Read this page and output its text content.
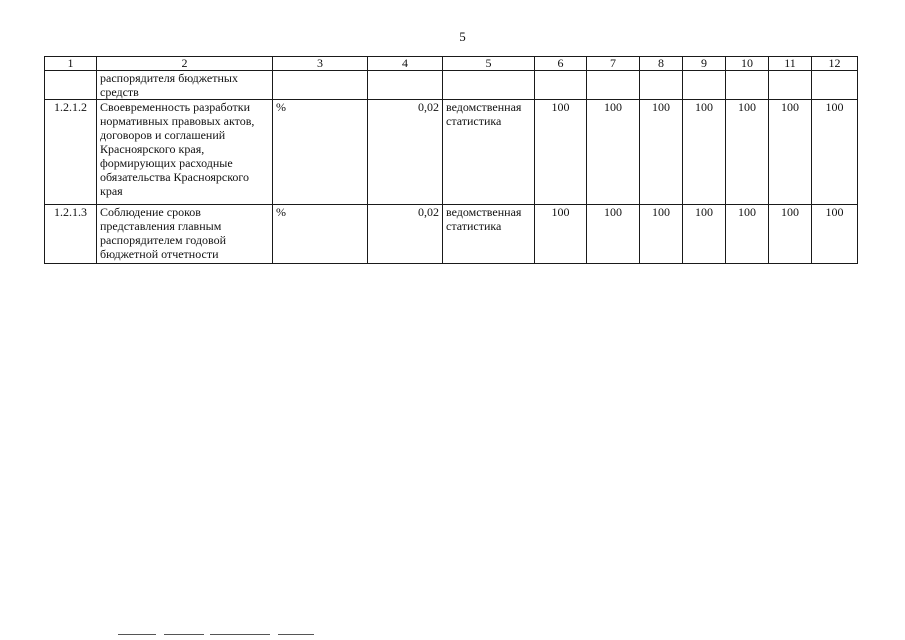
5
1	2	3	4	5	6	7	8	9	10	11	12
	распорядителя бюджетных средств										
1.2.1.2	Своевременность разработки нормативных правовых актов, договоров и соглашений Красноярского края, формирующих расходные обязательства Красноярского края	%	0,02	ведомственная статистика	100	100	100	100	100	100	100
1.2.1.3	Соблюдение сроков представления главным распорядителем годовой бюджетной отчетности	%	0,02	ведомственная статистика	100	100	100	100	100	100	100
